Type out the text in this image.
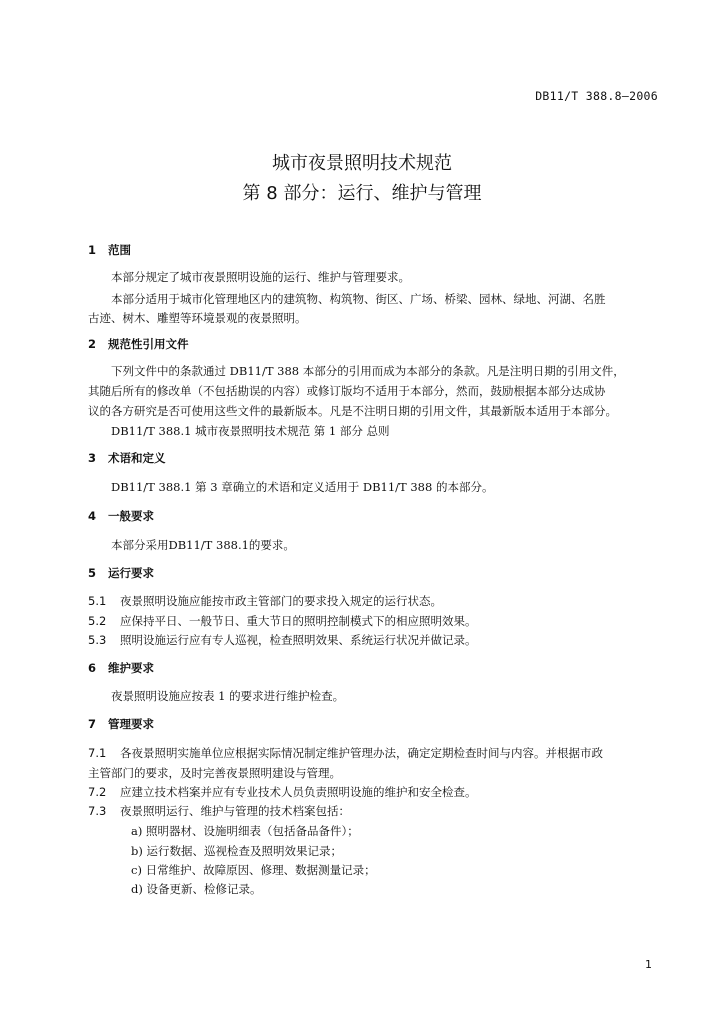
DB11/T 388.8—2006
城市夜景照明技术规范
第 8 部分：运行、维护与管理
1 范围
本部分规定了城市夜景照明设施的运行、维护与管理要求。
本部分适用于城市化管理地区内的建筑物、构筑物、街区、广场、桥梁、园林、绿地、河湖、名胜
古迹、树木、雕塑等环境景观的夜景照明。
2 规范性引用文件
下列文件中的条款通过 DB11/T 388 本部分的引用而成为本部分的条款。凡是注明日期的引用文件，
其随后所有的修改单（不包括勘误的内容）或修订版均不适用于本部分，然而，鼓励根据本部分达成协
议的各方研究是否可使用这些文件的最新版本。凡是不注明日期的引用文件，其最新版本适用于本部分。
DB11/T 388.1 城市夜景照明技术规范 第 1 部分 总则
3 术语和定义
DB11/T 388.1 第 3 章确立的术语和定义适用于 DB11/T 388 的本部分。
4 一般要求
本部分采用DB11/T 388.1的要求。
5 运行要求
5.1 夜景照明设施应能按市政主管部门的要求投入规定的运行状态。
5.2 应保持平日、一般节日、重大节日的照明控制模式下的相应照明效果。
5.3 照明设施运行应有专人巡视，检查照明效果、系统运行状况并做记录。
6 维护要求
夜景照明设施应按表 1 的要求进行维护检查。
7 管理要求
7.1 各夜景照明实施单位应根据实际情况制定维护管理办法，确定定期检查时间与内容。并根据市政
主管部门的要求，及时完善夜景照明建设与管理。
7.2 应建立技术档案并应有专业技术人员负责照明设施的维护和安全检查。
7.3 夜景照明运行、维护与管理的技术档案包括：
a) 照明器材、设施明细表（包括备品备件）；
b) 运行数据、巡视检查及照明效果记录；
c) 日常维护、故障原因、修理、数据测量记录；
d) 设备更新、检修记录。
1
